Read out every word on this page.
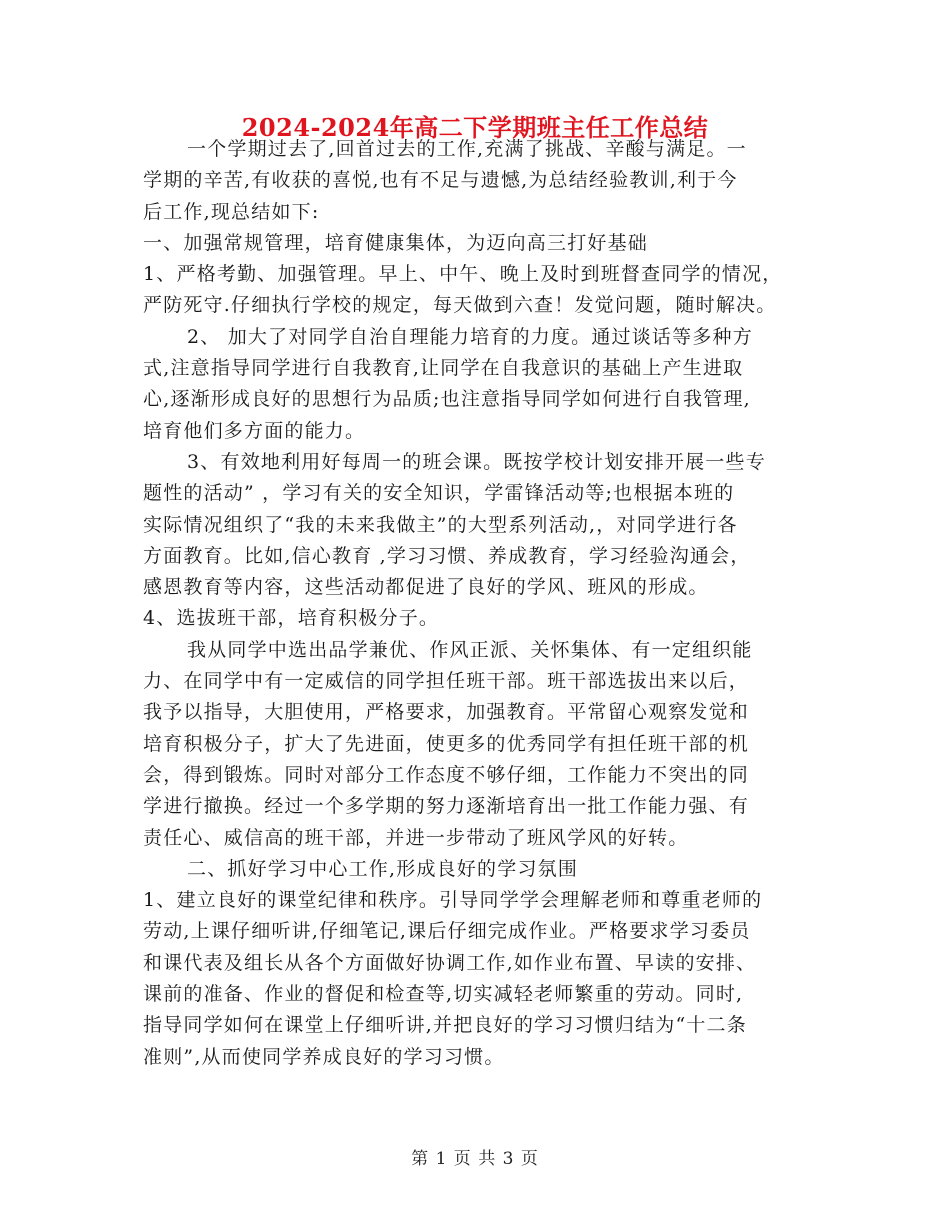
2024-2024年高二下学期班主任工作总结
一个学期过去了,回首过去的工作,充满了挑战、辛酸与满足。一
学期的辛苦,有收获的喜悦,也有不足与遗憾,为总结经验教训,利于今
后工作,现总结如下:
一、加强常规管理，培育健康集体，为迈向高三打好基础
1、严格考勤、加强管理。早上、中午、晚上及时到班督查同学的情况，
严防死守.仔细执行学校的规定，每天做到六查！发觉问题，随时解决。
2、 加大了对同学自治自理能力培育的力度。通过谈话等多种方
式,注意指导同学进行自我教育,让同学在自我意识的基础上产生进取
心,逐渐形成良好的思想行为品质;也注意指导同学如何进行自我管理,
培育他们多方面的能力。
3、有效地利用好每周一的班会课。既按学校计划安排开展一些专
题性的活动” ，学习有关的安全知识，学雷锋活动等;也根据本班的
实际情况组织了“我的未来我做主”的大型系列活动,，对同学进行各
方面教育。比如,信心教育 ,学习习惯、养成教育，学习经验沟通会，
感恩教育等内容，这些活动都促进了良好的学风、班风的形成。
4、选拔班干部，培育积极分子。
我从同学中选出品学兼优、作风正派、关怀集体、有一定组织能
力、在同学中有一定威信的同学担任班干部。班干部选拔出来以后，
我予以指导，大胆使用，严格要求，加强教育。平常留心观察发觉和
培育积极分子，扩大了先进面，使更多的优秀同学有担任班干部的机
会，得到锻炼。同时对部分工作态度不够仔细，工作能力不突出的同
学进行撤换。经过一个多学期的努力逐渐培育出一批工作能力强、有
责任心、威信高的班干部，并进一步带动了班风学风的好转。
二、抓好学习中心工作,形成良好的学习氛围
1、建立良好的课堂纪律和秩序。引导同学学会理解老师和尊重老师的
劳动,上课仔细听讲,仔细笔记,课后仔细完成作业。严格要求学习委员
和课代表及组长从各个方面做好协调工作,如作业布置、早读的安排、
课前的准备、作业的督促和检查等,切实减轻老师繁重的劳动。同时,
指导同学如何在课堂上仔细听讲,并把良好的学习习惯归结为“十二条
准则”,从而使同学养成良好的学习习惯。
第 1 页 共 3 页
